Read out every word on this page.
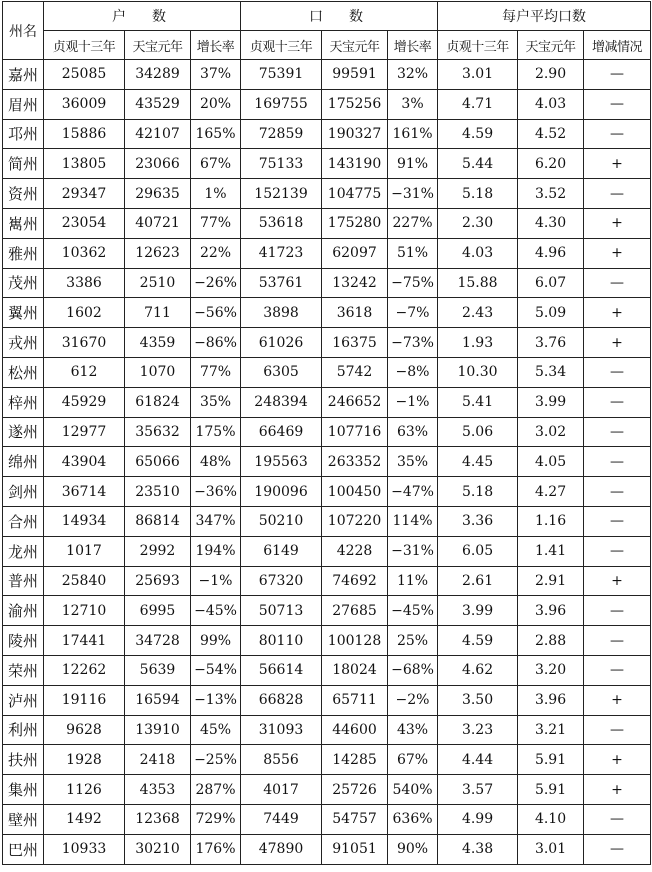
州名	户　数			口　数			每户平均口数		
	贞观十三年	天宝元年	增长率	贞观十三年	天宝元年	增长率	贞观十三年	天宝元年	增减情况
嘉州	25085	34289	37%	75391	99591	32%	3.01	2.90	—
眉州	36009	43529	20%	169755	175256	3%	4.71	4.03	—
邛州	15886	42107	165%	72859	190327	161%	4.59	4.52	—
简州	13805	23066	67%	75133	143190	91%	5.44	6.20	+
资州	29347	29635	1%	152139	104775	−31%	5.18	3.52	—
嶲州	23054	40721	77%	53618	175280	227%	2.30	4.30	+
雅州	10362	12623	22%	41723	62097	51%	4.03	4.96	+
茂州	3386	2510	−26%	53761	13242	−75%	15.88	6.07	—
翼州	1602	711	−56%	3898	3618	−7%	2.43	5.09	+
戎州	31670	4359	−86%	61026	16375	−73%	1.93	3.76	+
松州	612	1070	77%	6305	5742	−8%	10.30	5.34	—
梓州	45929	61824	35%	248394	246652	−1%	5.41	3.99	—
遂州	12977	35632	175%	66469	107716	63%	5.06	3.02	—
绵州	43904	65066	48%	195563	263352	35%	4.45	4.05	—
剑州	36714	23510	−36%	190096	100450	−47%	5.18	4.27	—
合州	14934	86814	347%	50210	107220	114%	3.36	1.16	—
龙州	1017	2992	194%	6149	4228	−31%	6.05	1.41	—
普州	25840	25693	−1%	67320	74692	11%	2.61	2.91	+
渝州	12710	6995	−45%	50713	27685	−45%	3.99	3.96	—
陵州	17441	34728	99%	80110	100128	25%	4.59	2.88	—
荣州	12262	5639	−54%	56614	18024	−68%	4.62	3.20	—
泸州	19116	16594	−13%	66828	65711	−2%	3.50	3.96	+
利州	9628	13910	45%	31093	44600	43%	3.23	3.21	—
扶州	1928	2418	−25%	8556	14285	67%	4.44	5.91	+
集州	1126	4353	287%	4017	25726	540%	3.57	5.91	+
壁州	1492	12368	729%	7449	54757	636%	4.99	4.10	—
巴州	10933	30210	176%	47890	91051	90%	4.38	3.01	—
